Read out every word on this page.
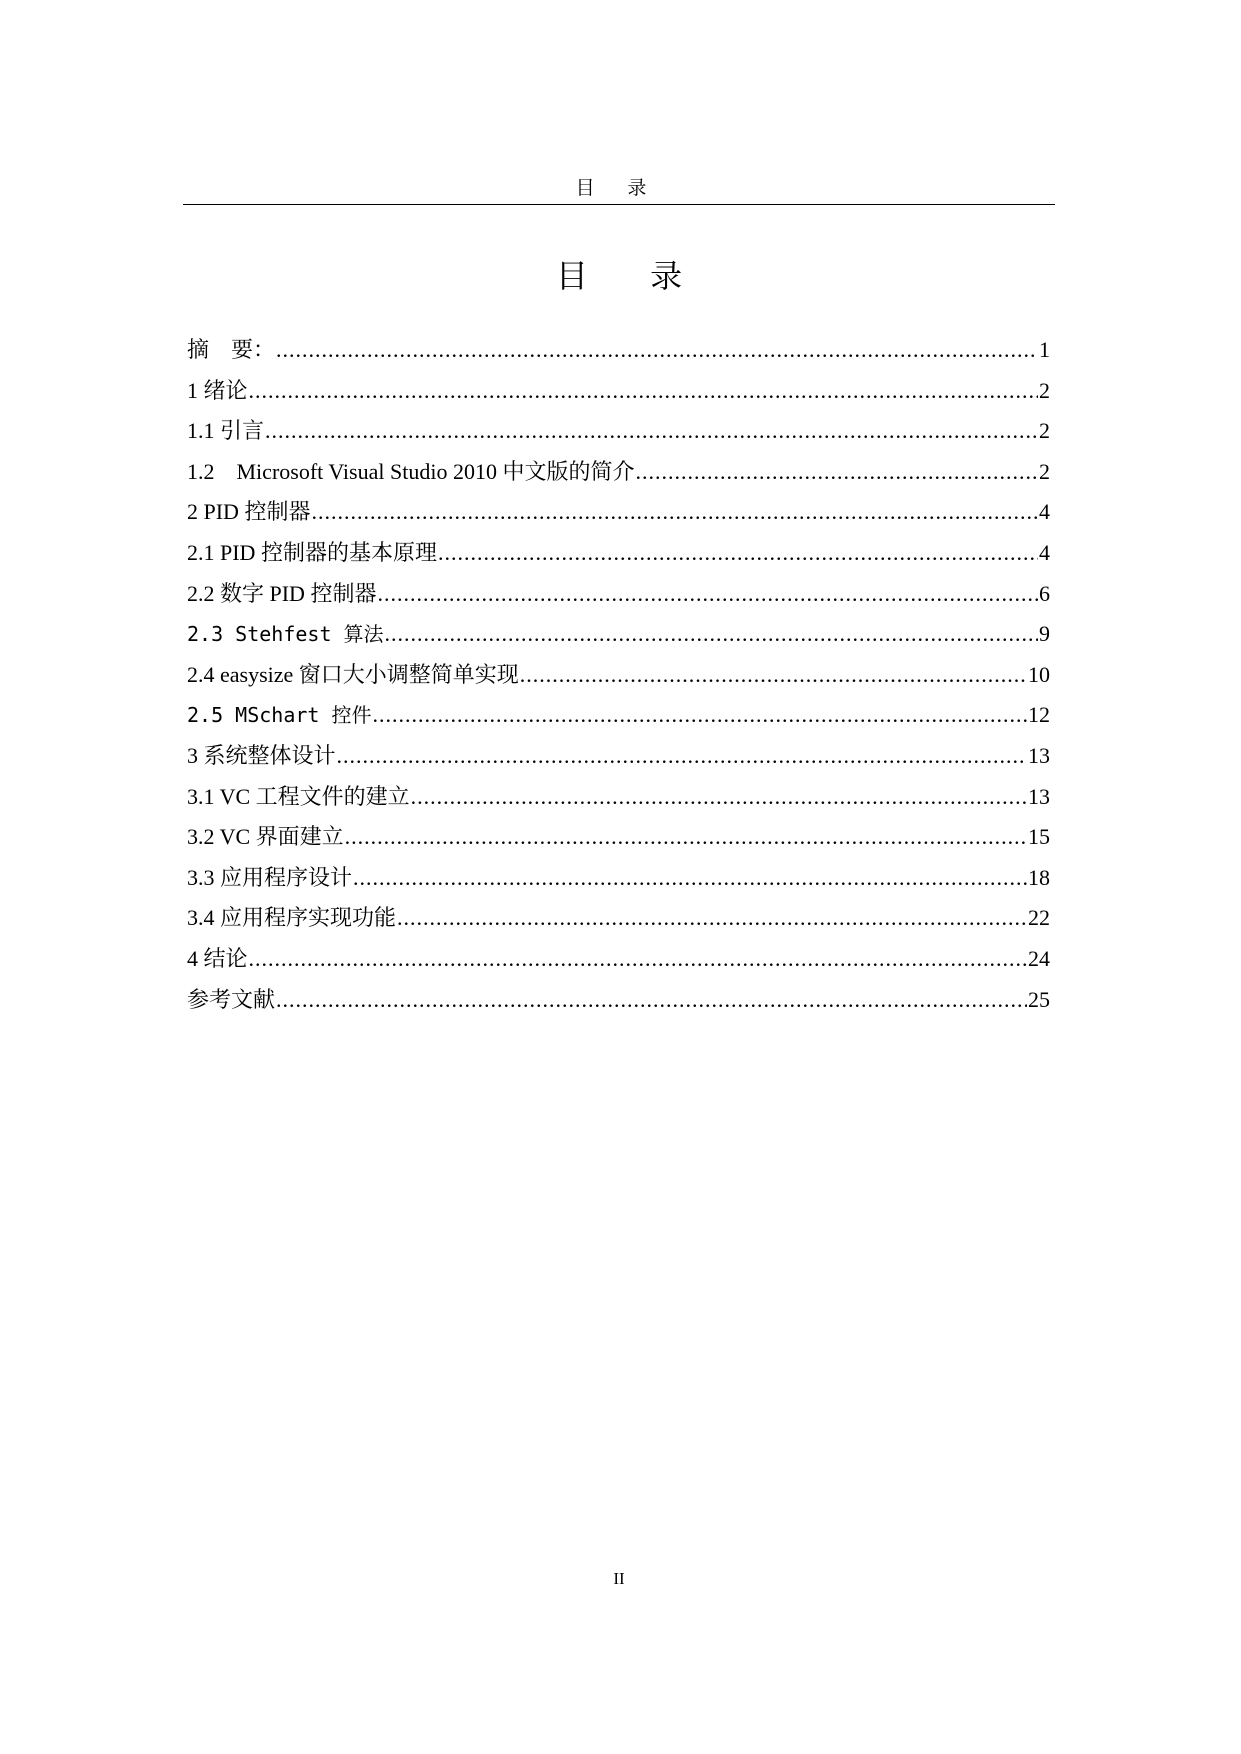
目 录
目 录
摘　要： .....	1
1 绪论 .....	2
1.1 引言 .....	2
1.2    Microsoft Visual Studio 2010 中文版的简介 .....	2
2 PID 控制器 .....	4
2.1 PID 控制器的基本原理 .....	4
2.2 数字 PID 控制器 .....	6
2.3 Stehfest 算法 .....	9
2.4 easysize 窗口大小调整简单实现 .....	10
2.5 MSchart 控件 .....	12
3 系统整体设计 .....	13
3.1 VC 工程文件的建立 .....	13
3.2 VC 界面建立 .....	15
3.3 应用程序设计 .....	18
3.4 应用程序实现功能 .....	22
4 结论 .....	24
参考文献 .....	25
II
